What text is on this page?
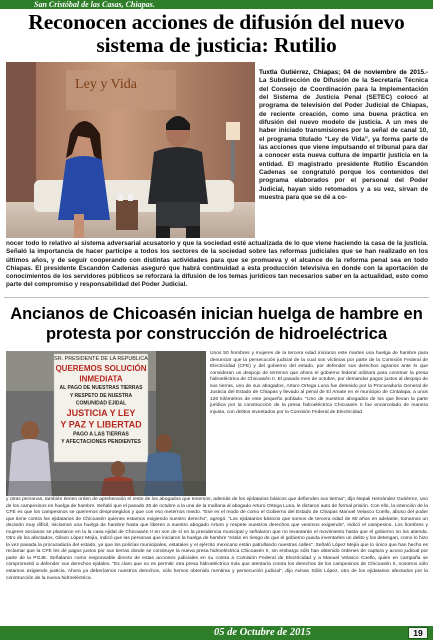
San Cristóbal de las Casas, Chiapas.
Reconocen acciones de difusión del nuevo sistema de justicia: Rutilio
Ley y Vida
Tuxtla Gutiérrez, Chiapas; 04 de noviembre de 2015.- La Subdirección de Difusión de la Secretaría Técnica del Consejo de Coordinación para la Implementación del Sistema de Justicia Penal (SETEC) colocó al programa de televisión del Poder Judicial de Chiapas, de reciente creación, como una buena práctica en difusión del nuevo modelo de justicia. A un mes de haber iniciado transmisiones por la señal de canal 10, el programa titulado “Ley de Vida”, ya forma parte de las acciones que viene impulsando el tribunal para dar a conocer esta nueva cultura de impartir justicia en la entidad. El magistrado presidente Rutilio Escandón Cadenas se congratuló porque los contenidos del programa elaborados por el personal del Poder Judicial, hayan sido retomados y a su vez, sirvan de muestra para que se dé a co-

nocer todo lo relativo al sistema adversarial acusatorio y que la sociedad esté actualizada de lo que viene haciendo la casa de la justicia. Señaló la importancia de hacer partícipe a todos los sectores de la sociedad sobre las reformas judiciales que se han realizado en los últimos años, y de seguir cooperando con distintas actividades para que se promueva y el alcance de la reforma penal sea en todo Chiapas. El presidente Escandón Cadenas aseguró que habrá continuidad a esta producción televisiva en donde con la aportación de conocimientos de los servidores públicos se reforzará la difusión de los temas jurídicos tan necesarios saber en la actualidad, esto como parte del compromiso y responsabilidad del Poder Judicial.

Ancianos de Chicoasén inician huelga de hambre en protesta por construcción de hidroeléctrica
SR. PRESIDENTE DE LA REPUBLICA
QUEREMOS SOLUCIÓN
INMEDIATA
AL PAGO DE NUESTRAS TIERRAS
Y RESPETO DE NUESTRA
COMUNIDAD EJIDAL
JUSTICIA Y LEY
Y PAZ Y LIBERTAD
PAGO A LAS TIERRAS
Y AFECTACIONES PENDIENTES

Unos 50 hombres y mujeres de la tercera edad iniciaron este martes una huelga de hambre para denunciar que la persecución judicial de la cual son víctimas por parte de la Comisión Federal de Electricidad (CFE) y del gobierno del estado, por defender sus derechos agrarios ante lo que consideran un despojo de terrenos que ahora el gobierno federal utilizará para construir la presa hidroeléctrica de Chicoasén II. El pasado mes de octubre, por demandar pagos justos al despojo de sus tierras, uno de sus abogados, Arturo Ortega Luna fue detenido por la Procuraduría General de Justicia del Estado de Chiapas y llevado al penal de El Amate en el municipio de Cintalapa, a unos 120 kilómetros de este pequeño poblado. “Uno de nuestros abogados de los que llevan la parte jurídica por la construcción de la presa hidroeléctrica Chicoasén II fue encarcelado de manera injusta, con delitos inventados por la Comisión Federal de Electricidad

y otras personas, también tienen orden de aprehensión el resto de los abogados que tenemos; además de los ejidatarios básicos que defienden sus tierras”, dijo Nepali Hernández Gutiérrez, uno de los campesinos en huelga de hambre. Señaló que el pasado 28 de octubre a la una de la mañana al abogado Arturo Ortega Luna, le dictaron auto de formal prisión. Con ello, la intención de la CFE es que los campesinos se queremos desprotegidos y que con eso meternos miedo. “Ese es el modo de como el Gobierno del Estado de Chiapas Manuel Velasco Coello, abuso del poder que tiene contra los ejidatarios de Chicoasén quienes estamos exigiendo nuestro derecho”, agregó. “Los ejidatarios básicos que somos de tercera edad de 60 años en adelante, tomamos un decisión muy difícil, iniciamos una huelga de hambre hasta que liberen a nuestro abogado Arturo y respete nuestros derechos que venimos exigiendo”, indicó el campesino. Los hombres y mujeres ancianos se plantaron en la la casa ejidal de Chicoasén II en son de sí en la presidencia municipal y señalaron que no levantarán el movimiento hasta que el gobierno no los atienda. Otro de los afectados, Gilson López Mejía, indicó que las personas que iniciaron la huelga de hambre “están en riesgo de que el gobierno pueda inventarles un delito y los detengan, como lo hizo la vez pasada la procuraduría del estado, ya que los policías municipales, estatales y el ejército mexicano están patrullando nuestras calles”. Señaló López Mejía que lo único que han hecho es reclamar que la CFE les dé pagos justos por sus tierras donde se construye la nueva presa hidroeléctrica Chicoasén II, sin embargo sólo han obtenido órdenes de captura y acoso judicial por parte de la PGJE. Señalaron como responsable directo de estas acciones judiciales en su contra a Comisión Federal de Electricidad y a Manuel Velasco Coello, quien en campaña se comprometió a defender sus derechos ejidales. “Es claro que no es permitir otra presa hidroeléctrica más que atentaría contra los derechos de los campesinos de Chicoasén II, nosotros sólo estamos exigiendo justicia. Ahora ya deberíamos nuestros derechos, sólo hemos obtenido mentiras y persecución judicial”, dijo Avisan Sólis López, otro de los ejidatarios afectados por la construcción de la nueva hidroeléctrica.

05 de Octubre de 2015	19
